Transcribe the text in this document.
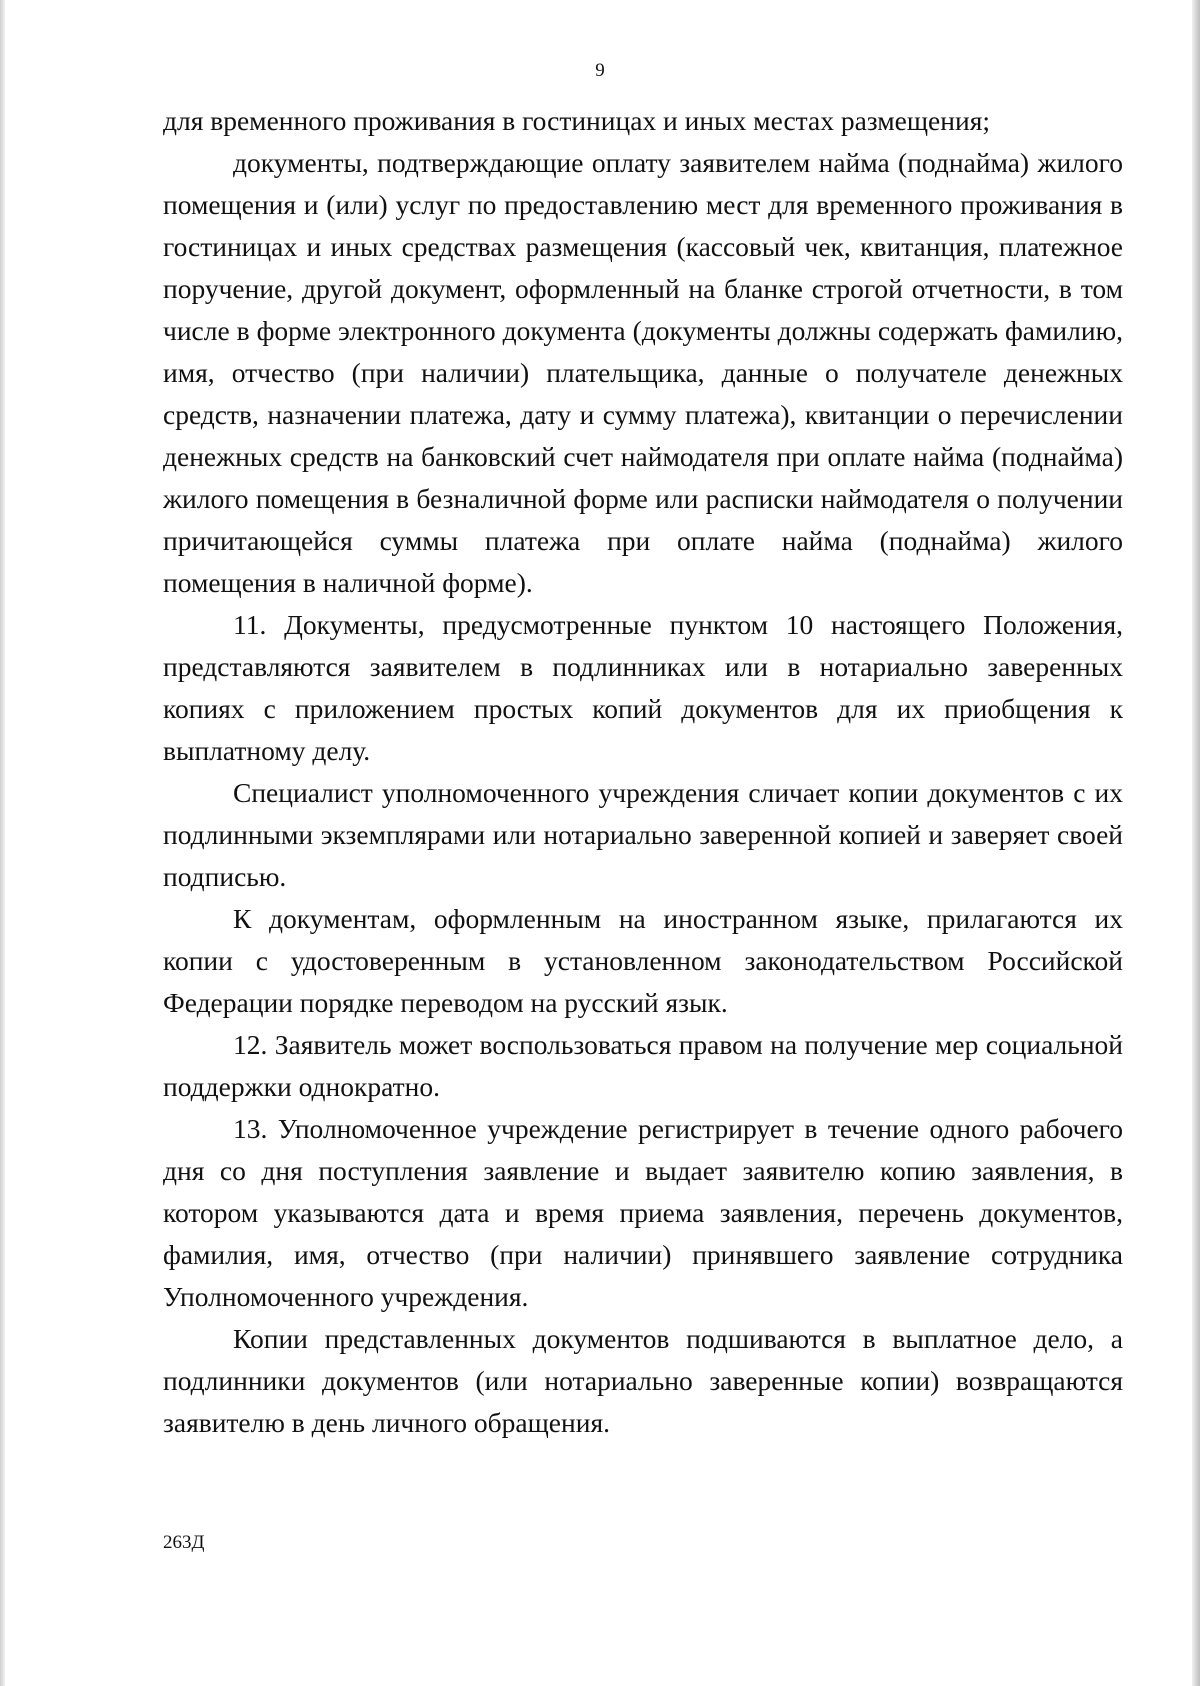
9

для временного проживания в гостиницах и иных местах размещения;

документы, подтверждающие оплату заявителем найма (поднайма) жилого помещения и (или) услуг по предоставлению мест для временного проживания в гостиницах и иных средствах размещения (кассовый чек, квитанция, платежное поручение, другой документ, оформленный на бланке строгой отчетности, в том числе в форме электронного документа (документы должны содержать фамилию, имя, отчество (при наличии) плательщика, данные о получателе денежных средств, назначении платежа, дату и сумму платежа), квитанции о перечислении денежных средств на банковский счет наймодателя при оплате найма (поднайма) жилого помещения в безналичной форме или расписки наймодателя о получении причитающейся суммы платежа при оплате найма (поднайма) жилого помещения в наличной форме).

11. Документы, предусмотренные пунктом 10 настоящего Положения, представляются заявителем в подлинниках или в нотариально заверенных копиях с приложением простых копий документов для их приобщения к выплатному делу.

Специалист уполномоченного учреждения сличает копии документов с их подлинными экземплярами или нотариально заверенной копией и заверяет своей подписью.

К документам, оформленным на иностранном языке, прилагаются их копии с удостоверенным в установленном законодательством Российской Федерации порядке переводом на русский язык.

12. Заявитель может воспользоваться правом на получение мер социальной поддержки однократно.

13. Уполномоченное учреждение регистрирует в течение одного рабочего дня со дня поступления заявление и выдает заявителю копию заявления, в котором указываются дата и время приема заявления, перечень документов, фамилия, имя, отчество (при наличии) принявшего заявление сотрудника Уполномоченного учреждения.

Копии представленных документов подшиваются в выплатное дело, а подлинники документов (или нотариально заверенные копии) возвращаются заявителю в день личного обращения.

263Д
